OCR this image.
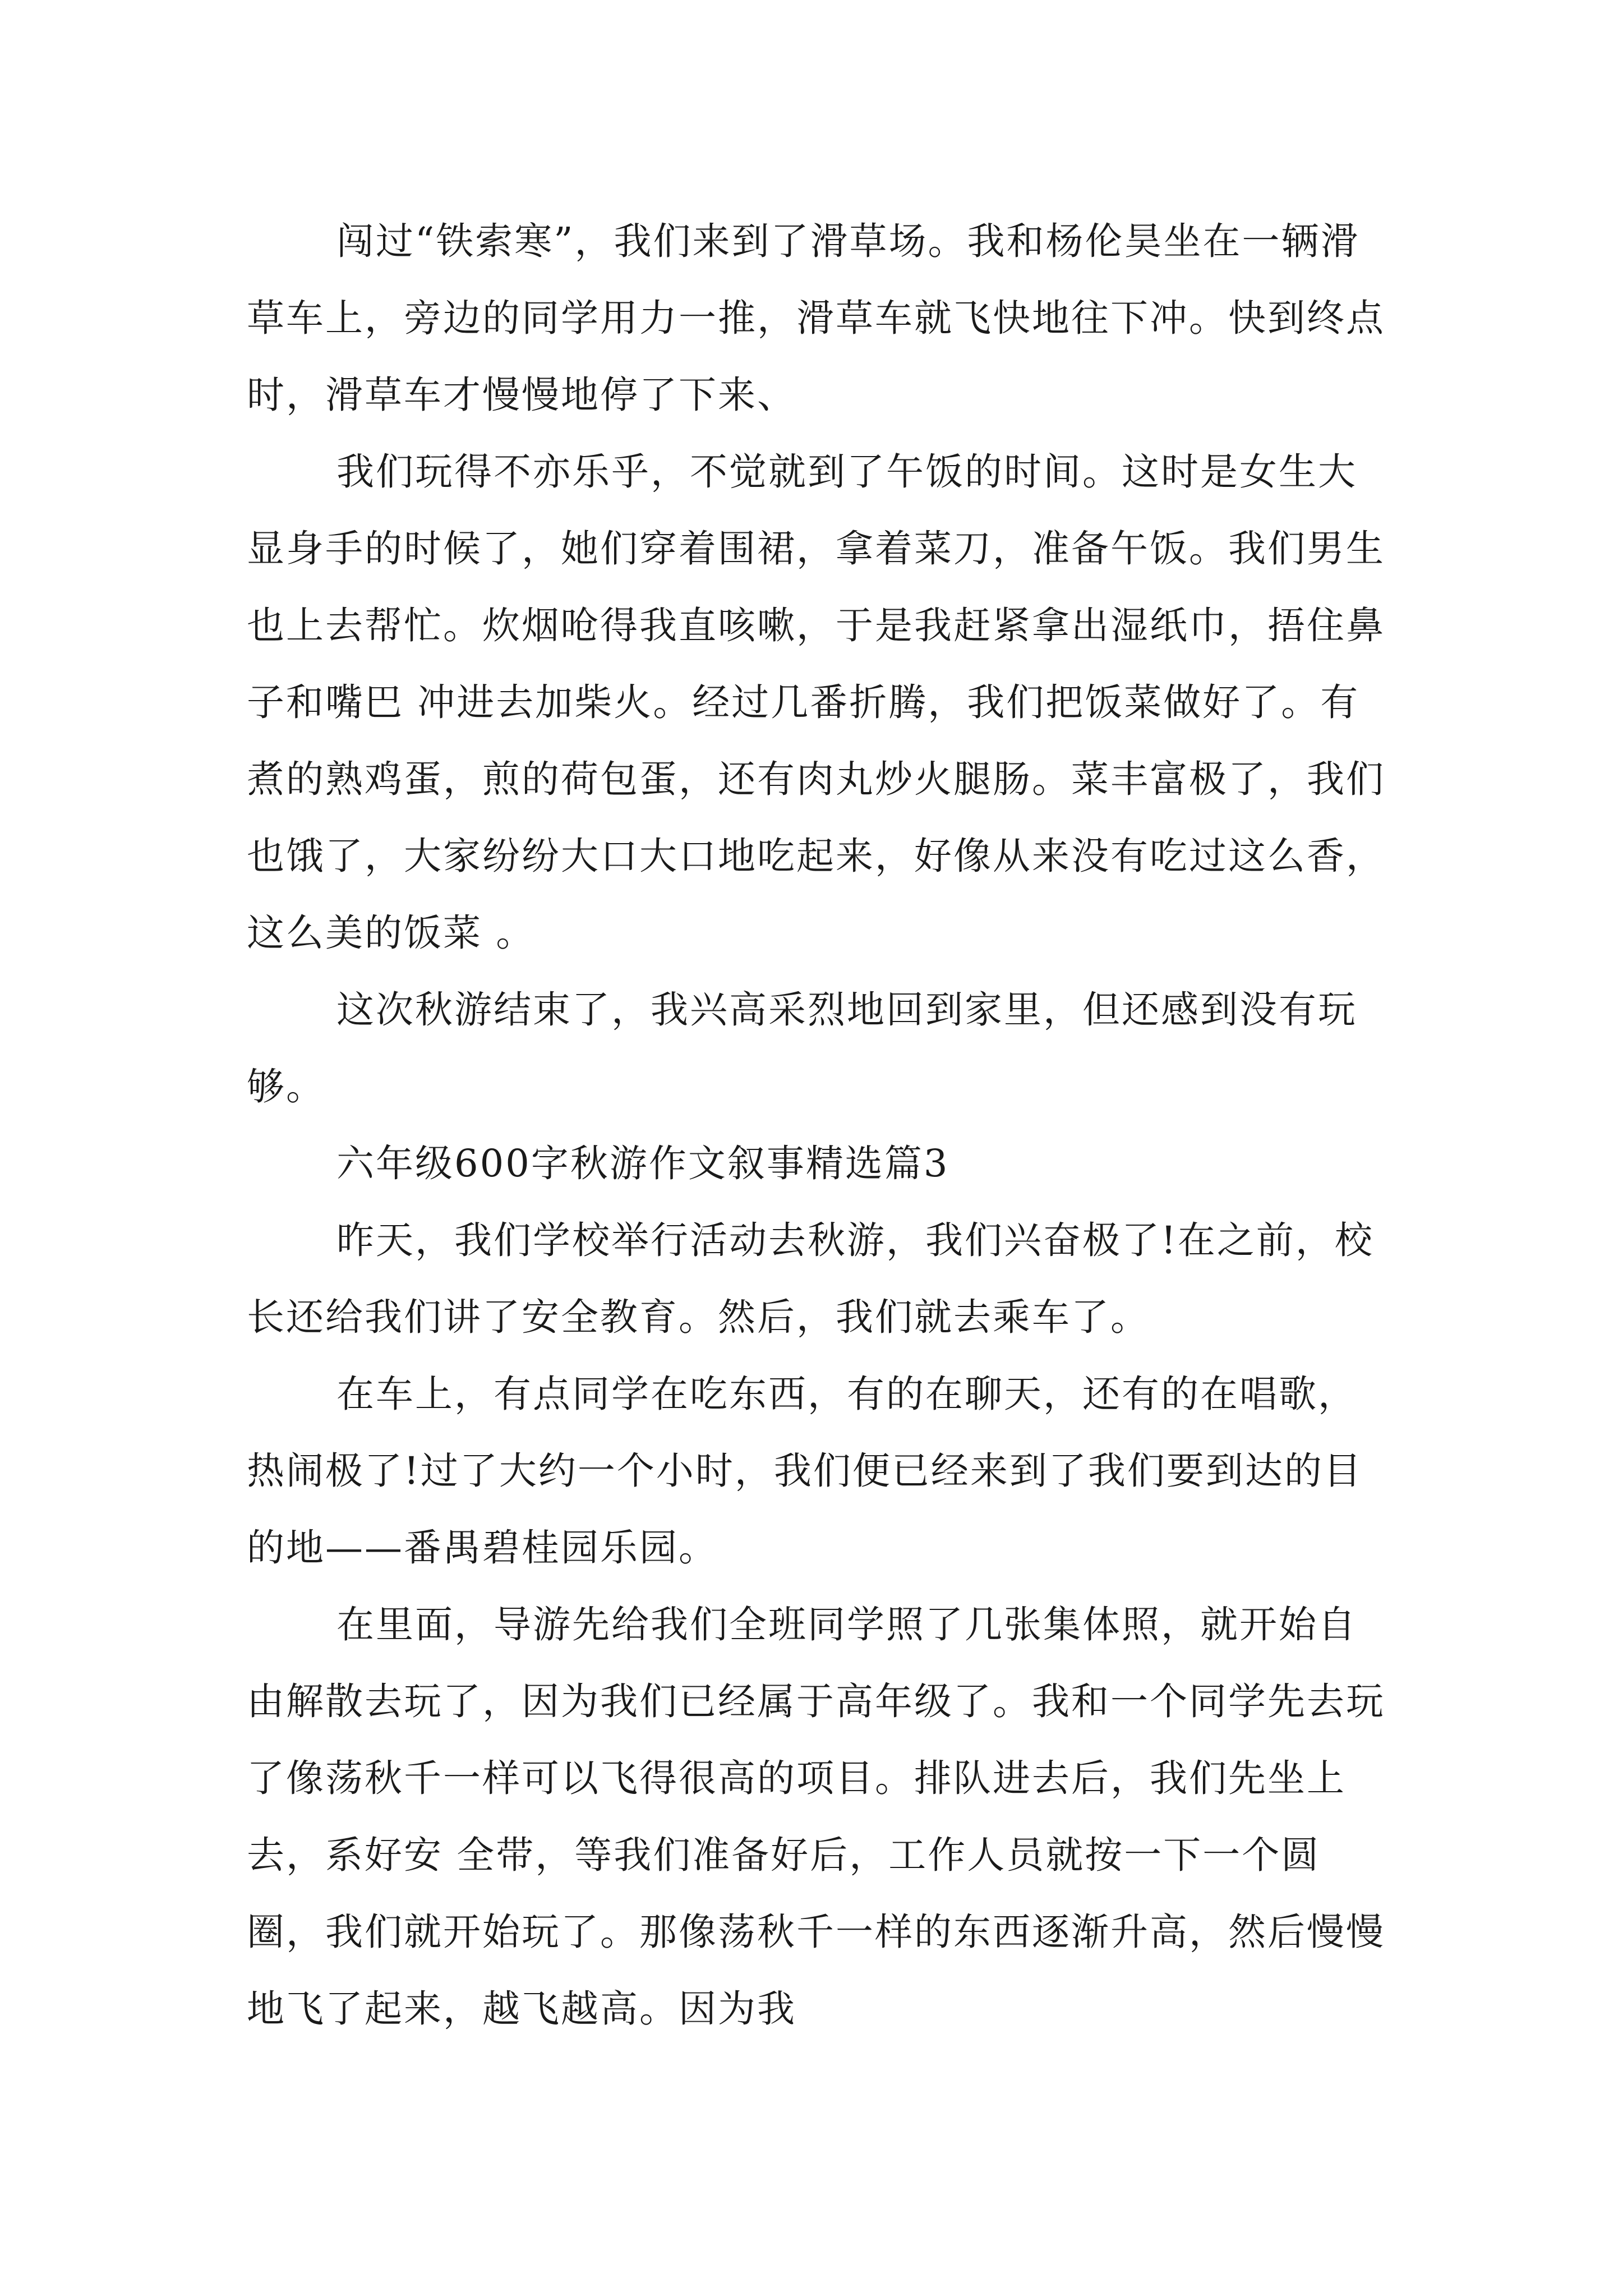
闯过“铁索寒”，我们来到了滑草场。我和杨伦昊坐在一辆滑草车上，旁边的同学用力一推，滑草车就飞快地往下冲。快到终点时，滑草车才慢慢地停了下来、

我们玩得不亦乐乎，不觉就到了午饭的时间。这时是女生大显身手的时候了，她们穿着围裙，拿着菜刀，准备午饭。我们男生也上去帮忙。炊烟呛得我直咳嗽，于是我赶紧拿出湿纸巾，捂住鼻子和嘴巴 冲进去加柴火。经过几番折腾，我们把饭菜做好了。有煮的熟鸡蛋，煎的荷包蛋，还有肉丸炒火腿肠。菜丰富极了，我们也饿了，大家纷纷大口大口地吃起来，好像从来没有吃过这么香，这么美的饭菜 。

这次秋游结束了，我兴高采烈地回到家里，但还感到没有玩够。

六年级600字秋游作文叙事精选篇3

昨天，我们学校举行活动去秋游，我们兴奋极了!在之前，校长还给我们讲了安全教育。然后，我们就去乘车了。

在车上，有点同学在吃东西，有的在聊天，还有的在唱歌，热闹极了!过了大约一个小时，我们便已经来到了我们要到达的目的地——番禺碧桂园乐园。

在里面，导游先给我们全班同学照了几张集体照，就开始自由解散去玩了，因为我们已经属于高年级了。我和一个同学先去玩了像荡秋千一样可以飞得很高的项目。排队进去后，我们先坐上去，系好安 全带，等我们准备好后，工作人员就按一下一个圆圈，我们就开始玩了。那像荡秋千一样的东西逐渐升高，然后慢慢地飞了起来，越飞越高。因为我
